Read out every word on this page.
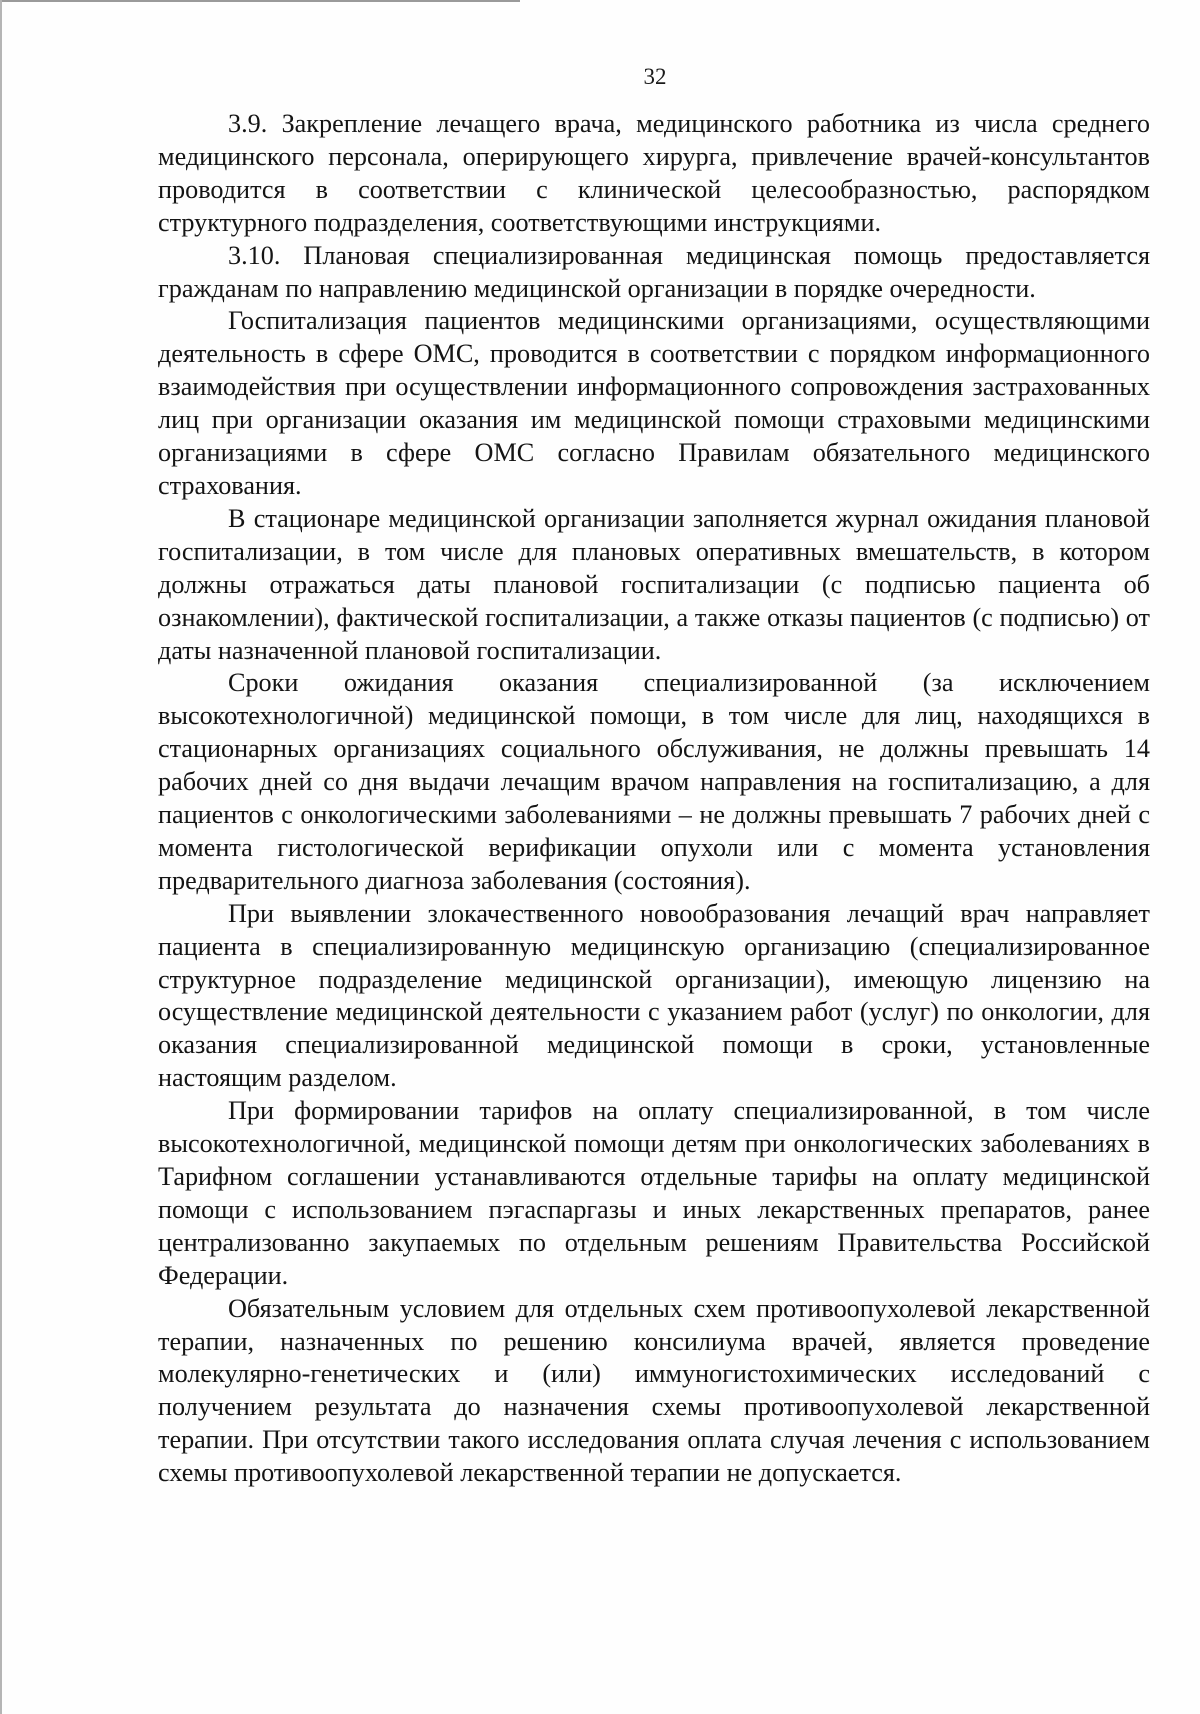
32

3.9. Закрепление лечащего врача, медицинского работника из числа среднего медицинского персонала, оперирующего хирурга, привлечение врачей-консультантов проводится в соответствии с клинической целесообразностью, распорядком структурного подразделения, соответствующими инструкциями.

3.10. Плановая специализированная медицинская помощь предоставляется гражданам по направлению медицинской организации в порядке очередности.

Госпитализация пациентов медицинскими организациями, осуществляющими деятельность в сфере ОМС, проводится в соответствии с порядком информационного взаимодействия при осуществлении информационного сопровождения застрахованных лиц при организации оказания им медицинской помощи страховыми медицинскими организациями в сфере ОМС согласно Правилам обязательного медицинского страхования.

В стационаре медицинской организации заполняется журнал ожидания плановой госпитализации, в том числе для плановых оперативных вмешательств, в котором должны отражаться даты плановой госпитализации (с подписью пациента об ознакомлении), фактической госпитализации, а также отказы пациентов (с подписью) от даты назначенной плановой госпитализации.

Сроки ожидания оказания специализированной (за исключением высокотехнологичной) медицинской помощи, в том числе для лиц, находящихся в стационарных организациях социального обслуживания, не должны превышать 14 рабочих дней со дня выдачи лечащим врачом направления на госпитализацию, а для пациентов с онкологическими заболеваниями – не должны превышать 7 рабочих дней с момента гистологической верификации опухоли или с момента установления предварительного диагноза заболевания (состояния).

При выявлении злокачественного новообразования лечащий врач направляет пациента в специализированную медицинскую организацию (специализированное структурное подразделение медицинской организации), имеющую лицензию на осуществление медицинской деятельности с указанием работ (услуг) по онкологии, для оказания специализированной медицинской помощи в сроки, установленные настоящим разделом.

При формировании тарифов на оплату специализированной, в том числе высокотехнологичной, медицинской помощи детям при онкологических заболеваниях в Тарифном соглашении устанавливаются отдельные тарифы на оплату медицинской помощи с использованием пэгаспаргазы и иных лекарственных препаратов, ранее централизованно закупаемых по отдельным решениям Правительства Российской Федерации.

Обязательным условием для отдельных схем противоопухолевой лекарственной терапии, назначенных по решению консилиума врачей, является проведение молекулярно-генетических и (или) иммуногистохимических исследований с получением результата до назначения схемы противоопухолевой лекарственной терапии. При отсутствии такого исследования оплата случая лечения с использованием схемы противоопухолевой лекарственной терапии не допускается.
